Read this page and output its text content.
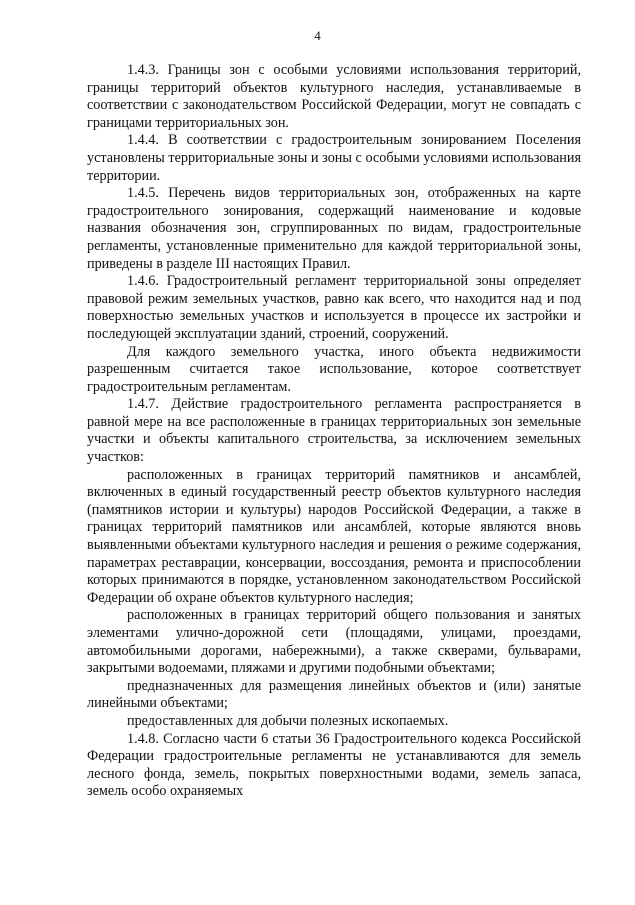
4

1.4.3. Границы зон с особыми условиями использования территорий, границы территорий объектов культурного наследия, устанавливаемые в соответствии с законодательством Российской Федерации, могут не совпадать с границами территориальных зон.

1.4.4. В соответствии с градостроительным зонированием Поселения установлены территориальные зоны и зоны с особыми условиями использования территории.

1.4.5. Перечень видов территориальных зон, отображенных на карте градостроительного зонирования, содержащий наименование и кодовые названия обозначения зон, сгруппированных по видам, градостроительные регламенты, установленные применительно для каждой территориальной зоны, приведены в разделе III настоящих Правил.

1.4.6. Градостроительный регламент территориальной зоны определяет правовой режим земельных участков, равно как всего, что находится над и под поверхностью земельных участков и используется в процессе их застройки и последующей эксплуатации зданий, строений, сооружений.

Для каждого земельного участка, иного объекта недвижимости разрешенным считается такое использование, которое соответствует градостроительным регламентам.

1.4.7. Действие градостроительного регламента распространяется в равной мере на все расположенные в границах территориальных зон земельные участки и объекты капитального строительства, за исключением земельных участков:

расположенных в границах территорий памятников и ансамблей, включенных в единый государственный реестр объектов культурного наследия (памятников истории и культуры) народов Российской Федерации, а также в границах территорий памятников или ансамблей, которые являются вновь выявленными объектами культурного наследия и решения о режиме содержания, параметрах реставрации, консервации, воссоздания, ремонта и приспособлении которых принимаются в порядке, установленном законодательством Российской Федерации об охране объектов культурного наследия;

расположенных в границах территорий общего пользования и занятых элементами улично-дорожной сети (площадями, улицами, проездами, автомобильными дорогами, набережными), а также скверами, бульварами, закрытыми водоемами, пляжами и другими подобными объектами;

предназначенных для размещения линейных объектов и (или) занятые линейными объектами;

предоставленных для добычи полезных ископаемых.

1.4.8. Согласно части 6 статьи 36 Градостроительного кодекса Российской Федерации градостроительные регламенты не устанавливаются для земель лесного фонда, земель, покрытых поверхностными водами, земель запаса, земель особо охраняемых
